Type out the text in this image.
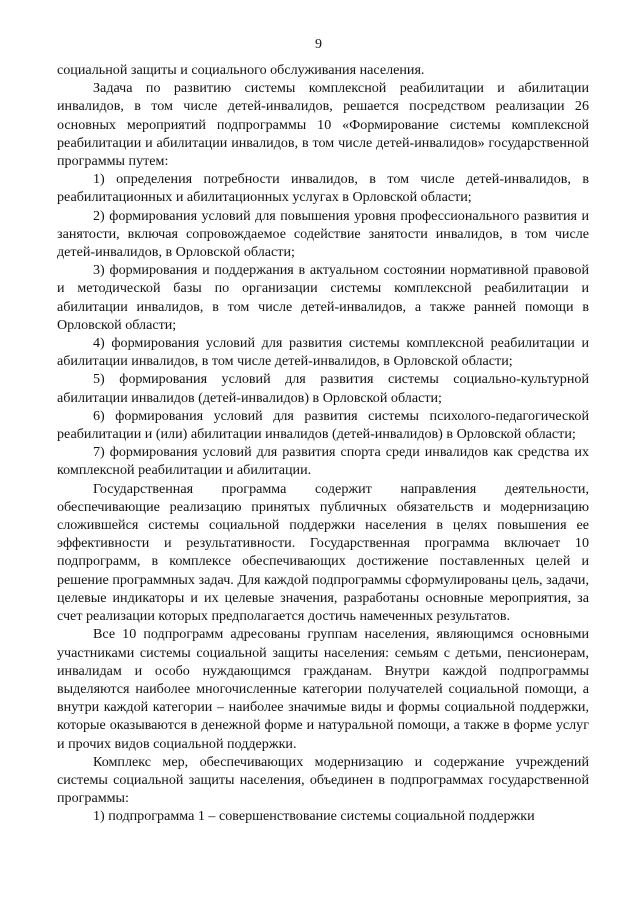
9

социальной защиты и социального обслуживания населения.

Задача по развитию системы комплексной реабилитации и абилитации инвалидов, в том числе детей-инвалидов, решается посредством реализации 26 основных мероприятий подпрограммы 10 «Формирование системы комплексной реабилитации и абилитации инвалидов, в том числе детей-инвалидов» государственной программы путем:

1) определения потребности инвалидов, в том числе детей-инвалидов, в реабилитационных и абилитационных услугах в Орловской области;

2) формирования условий для повышения уровня профессионального развития и занятости, включая сопровождаемое содействие занятости инвалидов, в том числе детей-инвалидов, в Орловской области;

3) формирования и поддержания в актуальном состоянии нормативной правовой и методической базы по организации системы комплексной реабилитации и абилитации инвалидов, в том числе детей-инвалидов, а также ранней помощи в Орловской области;

4) формирования условий для развития системы комплексной реабилитации и абилитации инвалидов, в том числе детей-инвалидов, в Орловской области;

5) формирования условий для развития системы социально-культурной абилитации инвалидов (детей-инвалидов) в Орловской области;

6) формирования условий для развития системы психолого-педагогической реабилитации и (или) абилитации инвалидов (детей-инвалидов) в Орловской области;

7) формирования условий для развития спорта среди инвалидов как средства их комплексной реабилитации и абилитации.

Государственная программа содержит направления деятельности, обеспечивающие реализацию принятых публичных обязательств и модернизацию сложившейся системы социальной поддержки населения в целях повышения ее эффективности и результативности. Государственная программа включает 10 подпрограмм, в комплексе обеспечивающих достижение поставленных целей и решение программных задач. Для каждой подпрограммы сформулированы цель, задачи, целевые индикаторы и их целевые значения, разработаны основные мероприятия, за счет реализации которых предполагается достичь намеченных результатов.

Все 10 подпрограмм адресованы группам населения, являющимся основными участниками системы социальной защиты населения: семьям с детьми, пенсионерам, инвалидам и особо нуждающимся гражданам. Внутри каждой подпрограммы выделяются наиболее многочисленные категории получателей социальной помощи, а внутри каждой категории – наиболее значимые виды и формы социальной поддержки, которые оказываются в денежной форме и натуральной помощи, а также в форме услуг и прочих видов социальной поддержки.

Комплекс мер, обеспечивающих модернизацию и содержание учреждений системы социальной защиты населения, объединен в подпрограммах государственной программы:

1) подпрограмма 1 – совершенствование системы социальной поддержки
